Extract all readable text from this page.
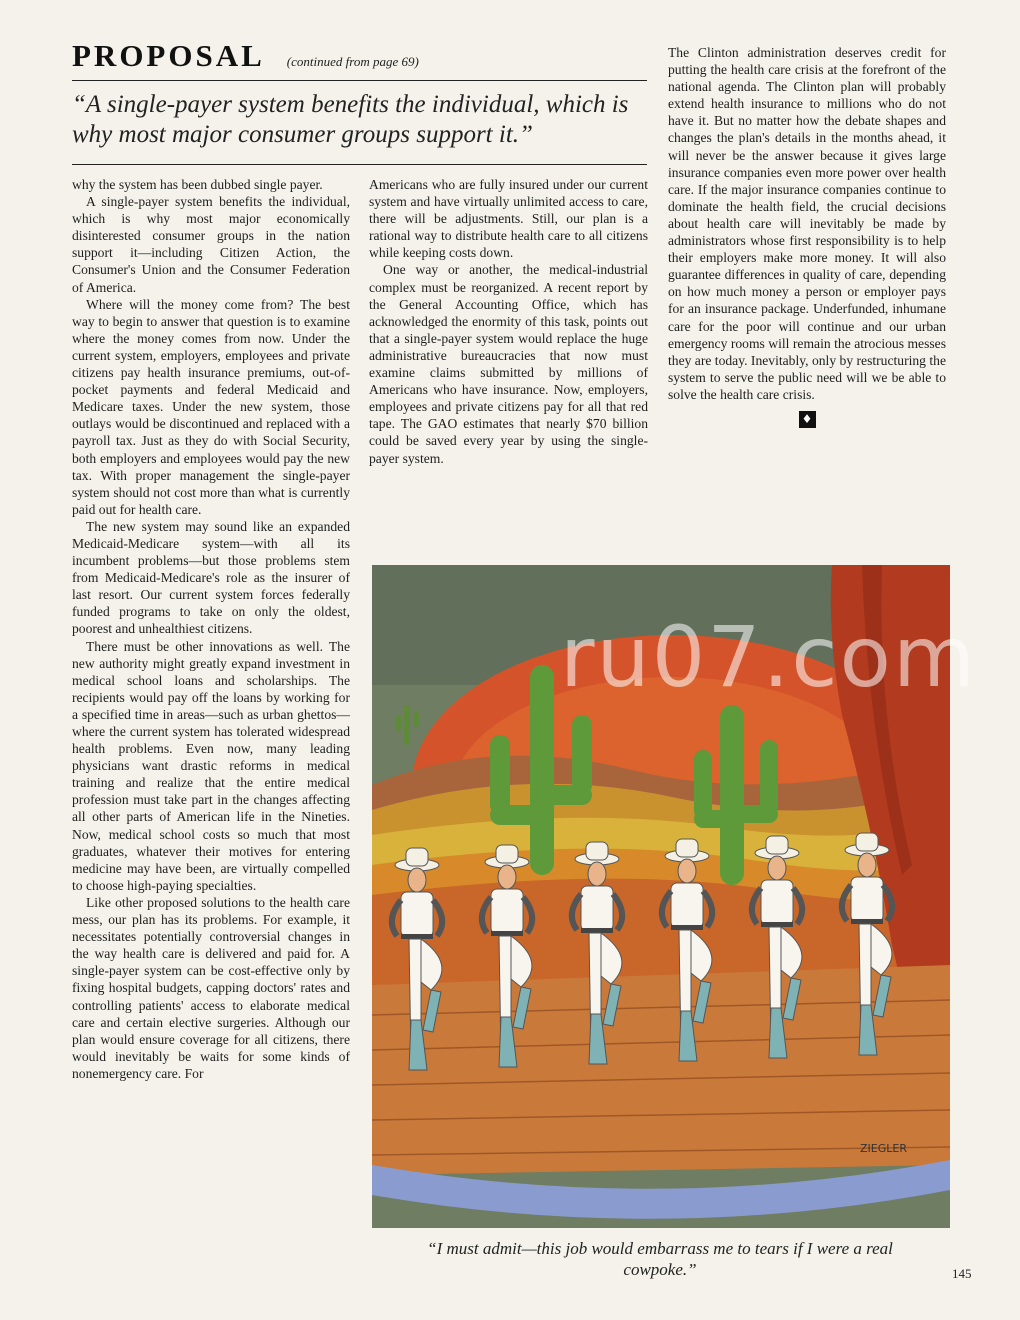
PROPOSAL (continued from page 69)
“A single-payer system benefits the individual, which is why most major consumer groups support it.”

why the system has been dubbed single payer.

A single-payer system benefits the individual, which is why most major economically disinterested consumer groups in the nation support it—including Citizen Action, the Consumer's Union and the Consumer Federation of America.

Where will the money come from? The best way to begin to answer that question is to examine where the money comes from now. Under the current system, employers, employees and private citizens pay health insurance premiums, out-of-pocket payments and federal Medicaid and Medicare taxes. Under the new system, those outlays would be discontinued and replaced with a payroll tax. Just as they do with Social Security, both employers and employees would pay the new tax. With proper management the single-payer system should not cost more than what is currently paid out for health care.

The new system may sound like an expanded Medicaid-Medicare system—with all its incumbent problems—but those problems stem from Medicaid-Medicare's role as the insurer of last resort. Our current system forces federally funded programs to take on only the oldest, poorest and unhealthiest citizens.

There must be other innovations as well. The new authority might greatly expand investment in medical school loans and scholarships. The recipients would pay off the loans by working for a specified time in areas—such as urban ghettos—where the current system has tolerated widespread health problems. Even now, many leading physicians want drastic reforms in medical training and realize that the entire medical profession must take part in the changes affecting all other parts of American life in the Nineties. Now, medical school costs so much that most graduates, whatever their motives for entering medicine may have been, are virtually compelled to choose high-paying specialties.

Like other proposed solutions to the health care mess, our plan has its problems. For example, it necessitates potentially controversial changes in the way health care is delivered and paid for. A single-payer system can be cost-effective only by fixing hospital budgets, capping doctors' rates and controlling patients' access to elaborate medical care and certain elective surgeries. Although our plan would ensure coverage for all citizens, there would inevitably be waits for some kinds of nonemergency care. For

Americans who are fully insured under our current system and have virtually unlimited access to care, there will be adjustments. Still, our plan is a rational way to distribute health care to all citizens while keeping costs down.

One way or another, the medical-industrial complex must be reorganized. A recent report by the General Accounting Office, which has acknowledged the enormity of this task, points out that a single-payer system would replace the huge administrative bureaucracies that now must examine claims submitted by millions of Americans who have insurance. Now, employers, employees and private citizens pay for all that red tape. The GAO estimates that nearly $70 billion could be saved every year by using the single-payer system.

The Clinton administration deserves credit for putting the health care crisis at the forefront of the national agenda. The Clinton plan will probably extend health insurance to millions who do not have it. But no matter how the debate shapes and changes the plan's details in the months ahead, it will never be the answer because it gives large insurance companies even more power over health care. If the major insurance companies continue to dominate the health field, the crucial decisions about health care will inevitably be made by administrators whose first responsibility is to help their employers make more money. It will also guarantee differences in quality of care, depending on how much money a person or employer pays for an insurance package. Underfunded, inhumane care for the poor will continue and our urban emergency rooms will remain the atrocious messes they are today. Inevitably, only by restructuring the system to serve the public need will we be able to solve the health care crisis.

♦
ZIEGLER
ru07.com
“I must admit—this job would embarrass me to tears if I were a real cowpoke.”	145
